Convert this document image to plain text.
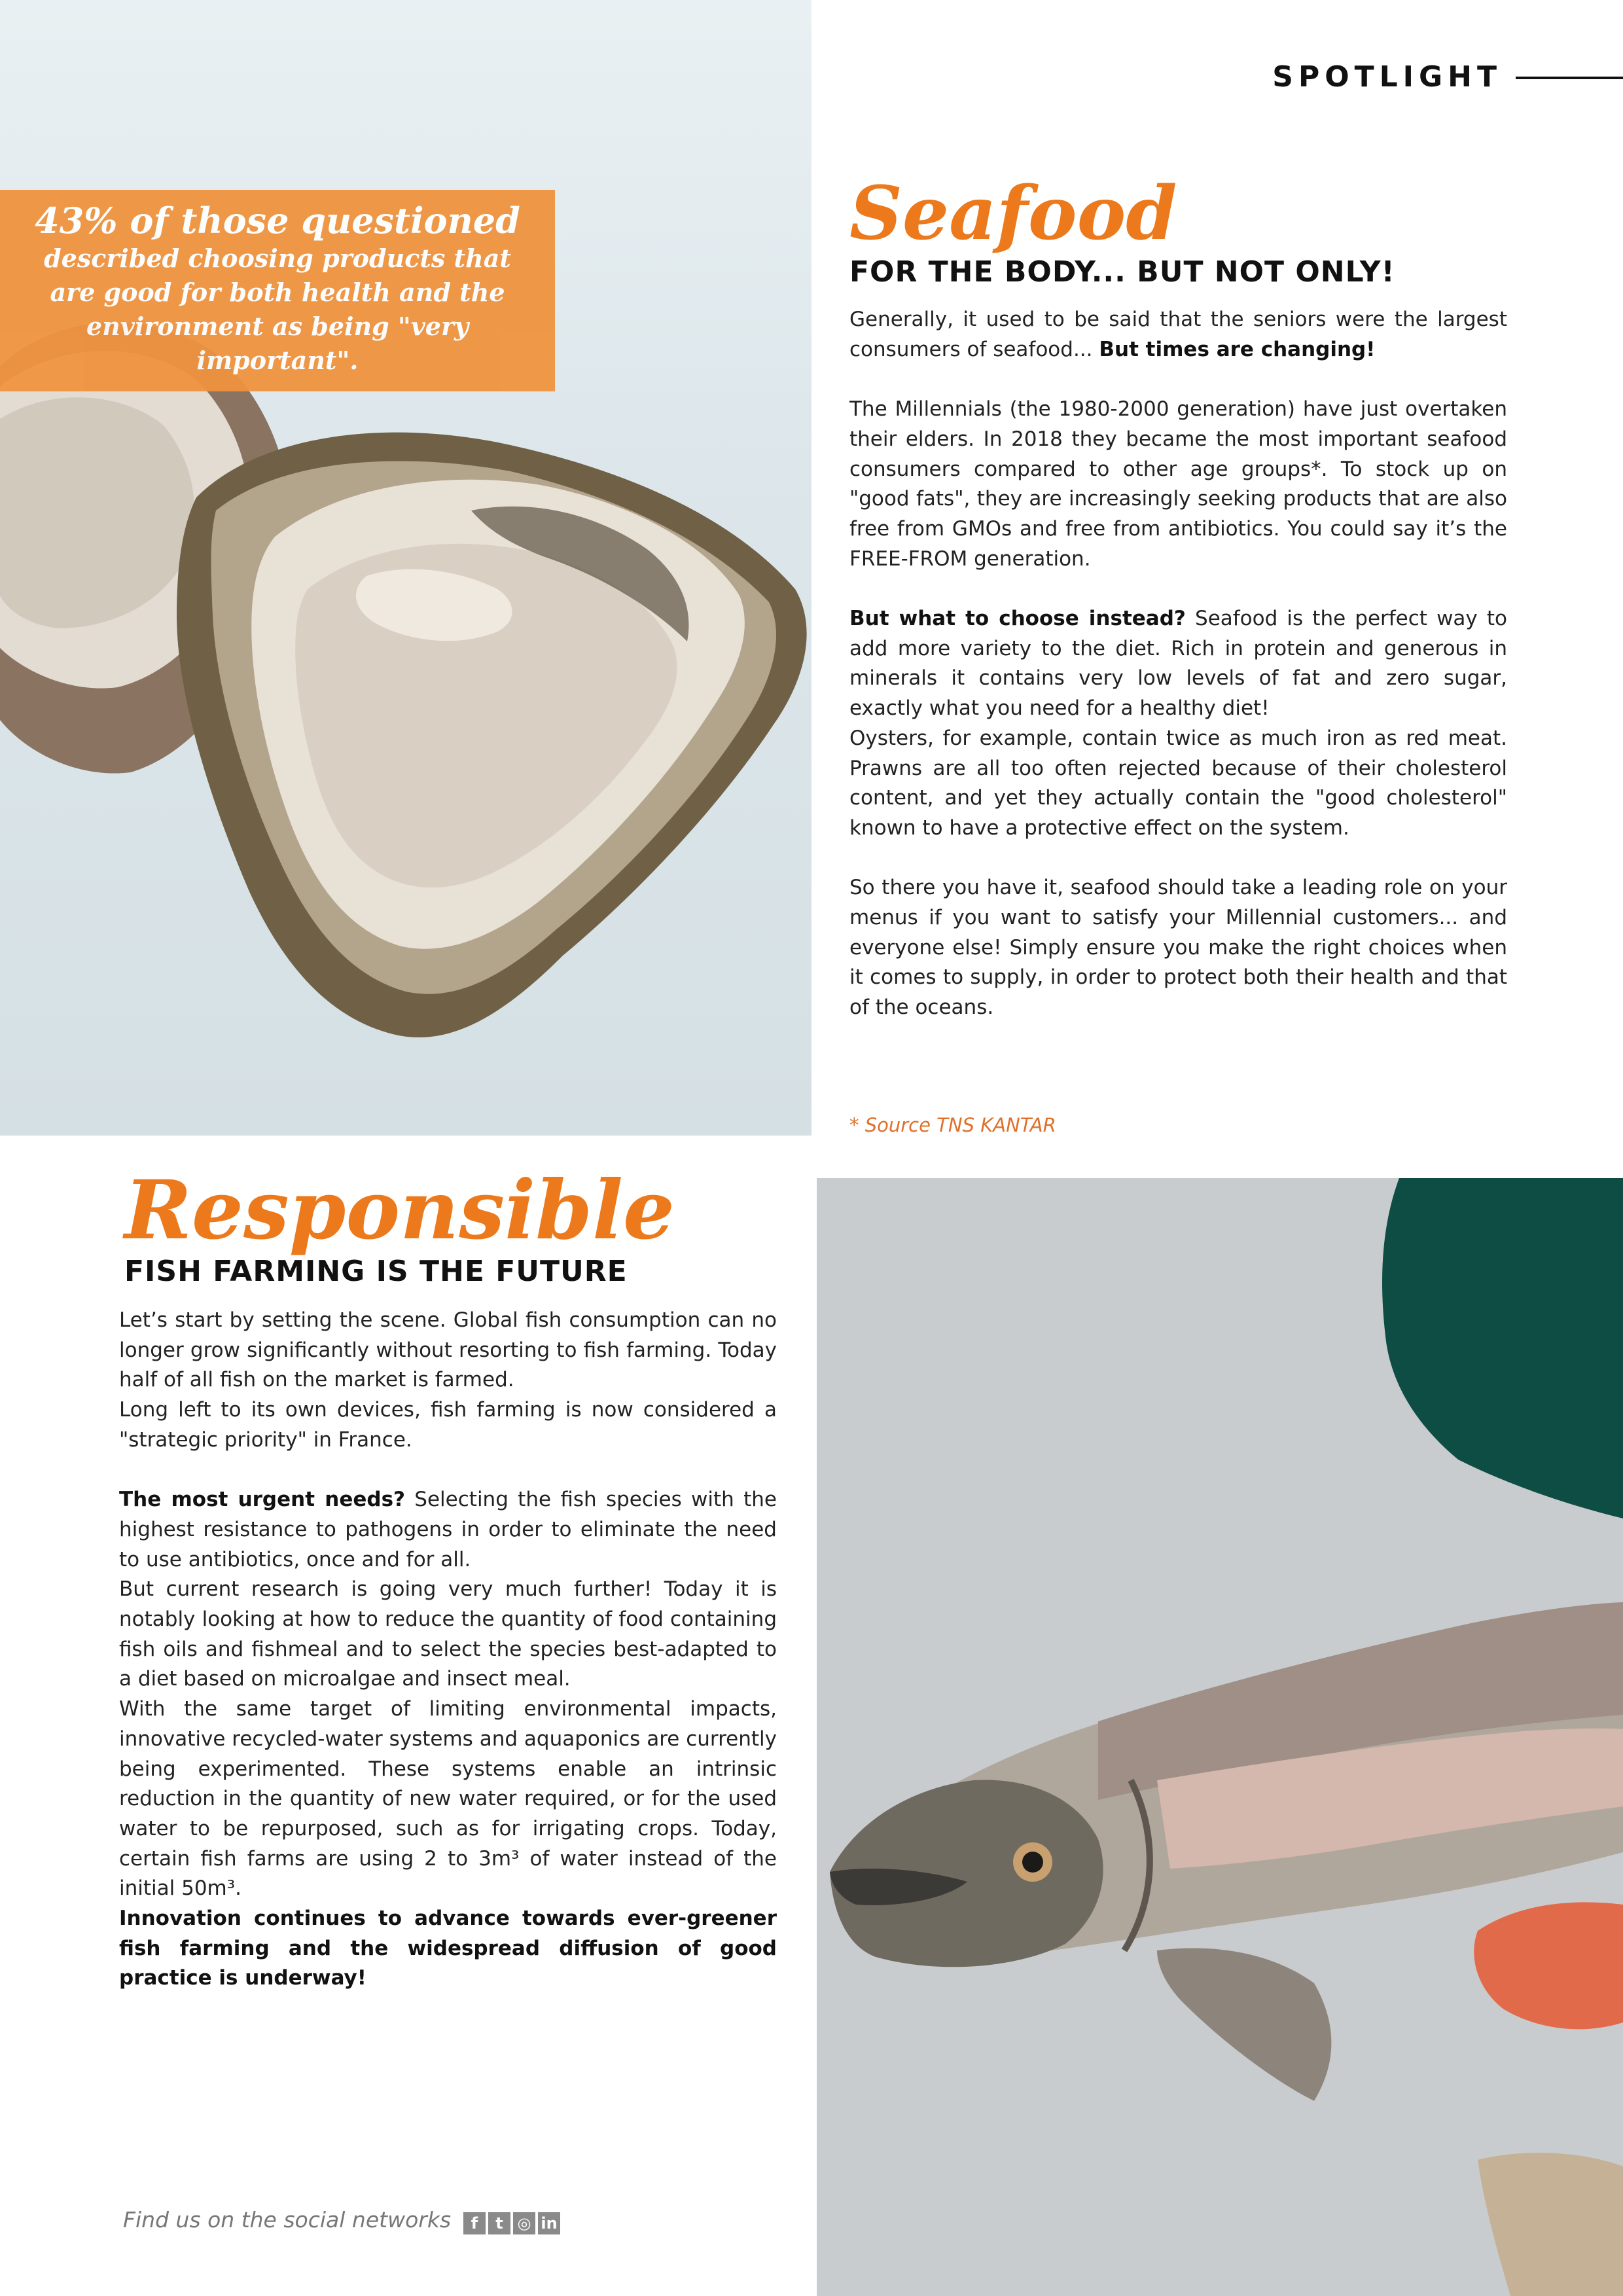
43% of those questioned
described choosing products that are good for both health and the environment as being "very important".
SPOTLIGHT
Seafood
FOR THE BODY... BUT NOT ONLY!

Generally, it used to be said that the seniors were the largest consumers of seafood... But times are changing!

The Millennials (the 1980-2000 generation) have just overtaken their elders. In 2018 they became the most important seafood consumers compared to other age groups*. To stock up on "good fats", they are increasingly seeking products that are also free from GMOs and free from antibiotics. You could say it’s the FREE-FROM generation.

But what to choose instead? Seafood is the perfect way to add more variety to the diet. Rich in protein and generous in minerals it contains very low levels of fat and zero sugar, exactly what you need for a healthy diet!

Oysters, for example, contain twice as much iron as red meat. Prawns are all too often rejected because of their cholesterol content, and yet they actually contain the "good cholesterol" known to have a protective effect on the system.

So there you have it, seafood should take a leading role on your menus if you want to satisfy your Millennial customers... and everyone else! Simply ensure you make the right choices when it comes to supply, in order to protect both their health and that of the oceans.

* Source TNS KANTAR
Responsible
FISH FARMING IS THE FUTURE

Let’s start by setting the scene. Global fish consumption can no longer grow significantly without resorting to fish farming. Today half of all fish on the market is farmed.

Long left to its own devices, fish farming is now considered a "strategic priority" in France.

The most urgent needs? Selecting the fish species with the highest resistance to pathogens in order to eliminate the need to use antibiotics, once and for all.

But current research is going very much further! Today it is notably looking at how to reduce the quantity of food containing fish oils and fishmeal and to select the species best-adapted to a diet based on microalgae and insect meal.

With the same target of limiting environmental impacts, innovative recycled-water systems and aquaponics are currently being experimented. These systems enable an intrinsic reduction in the quantity of new water required, or for the used water to be repurposed, such as for irrigating crops. Today, certain fish farms are using 2 to 3m³ of water instead of the initial 50m³.

Innovation continues to advance towards ever-greener fish farming and the widespread diffusion of good practice is underway!

Find us on the social networks	f	t ◎ in
